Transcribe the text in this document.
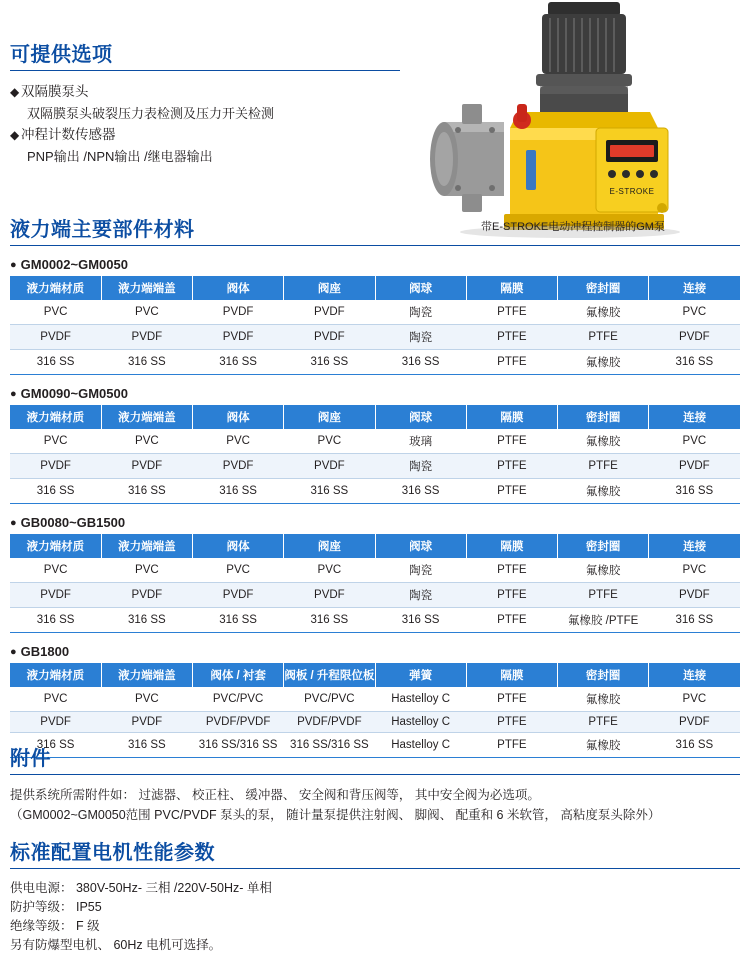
可提供选项

◆ 双隔膜泵头

双隔膜泵头破裂压力表检测及压力开关检测

◆ 冲程计数传感器

PNP输出 /NPN输出 /继电器输出

E-STROKE
带E-STROKE电动冲程控制器的GM泵
液力端主要部件材料
● GM0002~GM0050
液力端材质	液力端端盖	阀体	阀座	阀球	隔膜	密封圈	连接
PVC	PVC	PVDF	PVDF	陶瓷	PTFE	氟橡胶	PVC
PVDF	PVDF	PVDF	PVDF	陶瓷	PTFE	PTFE	PVDF
316 SS	316 SS	316 SS	316 SS	316 SS	PTFE	氟橡胶	316 SS
● GM0090~GM0500
液力端材质	液力端端盖	阀体	阀座	阀球	隔膜	密封圈	连接
PVC	PVC	PVC	PVC	玻璃	PTFE	氟橡胶	PVC
PVDF	PVDF	PVDF	PVDF	陶瓷	PTFE	PTFE	PVDF
316 SS	316 SS	316 SS	316 SS	316 SS	PTFE	氟橡胶	316 SS
● GB0080~GB1500
液力端材质	液力端端盖	阀体	阀座	阀球	隔膜	密封圈	连接
PVC	PVC	PVC	PVC	陶瓷	PTFE	氟橡胶	PVC
PVDF	PVDF	PVDF	PVDF	陶瓷	PTFE	PTFE	PVDF
316 SS	316 SS	316 SS	316 SS	316 SS	PTFE	氟橡胶 /PTFE	316 SS
● GB1800
液力端材质	液力端端盖	阀体 / 衬套	阀板 / 升程限位板	弹簧	隔膜	密封圈	连接
PVC	PVC	PVC/PVC	PVC/PVC	Hastelloy C	PTFE	氟橡胶	PVC
PVDF	PVDF	PVDF/PVDF	PVDF/PVDF	Hastelloy C	PTFE	PTFE	PVDF
316 SS	316 SS	316 SS/316 SS	316 SS/316 SS	Hastelloy C	PTFE	氟橡胶	316 SS
附件

提供系统所需附件如： 过滤器、 校正柱、 缓冲器、 安全阀和背压阀等， 其中安全阀为必选项。

（GM0002~GM0050范围 PVC/PVDF 泵头的泵， 随计量泵提供注射阀、 脚阀、 配重和 6 米软管， 高粘度泵头除外）

标准配置电机性能参数

供电电源： 380V-50Hz- 三相 /220V-50Hz- 单相

防护等级： IP55

绝缘等级： F 级

另有防爆型电机、 60Hz 电机可选择。
